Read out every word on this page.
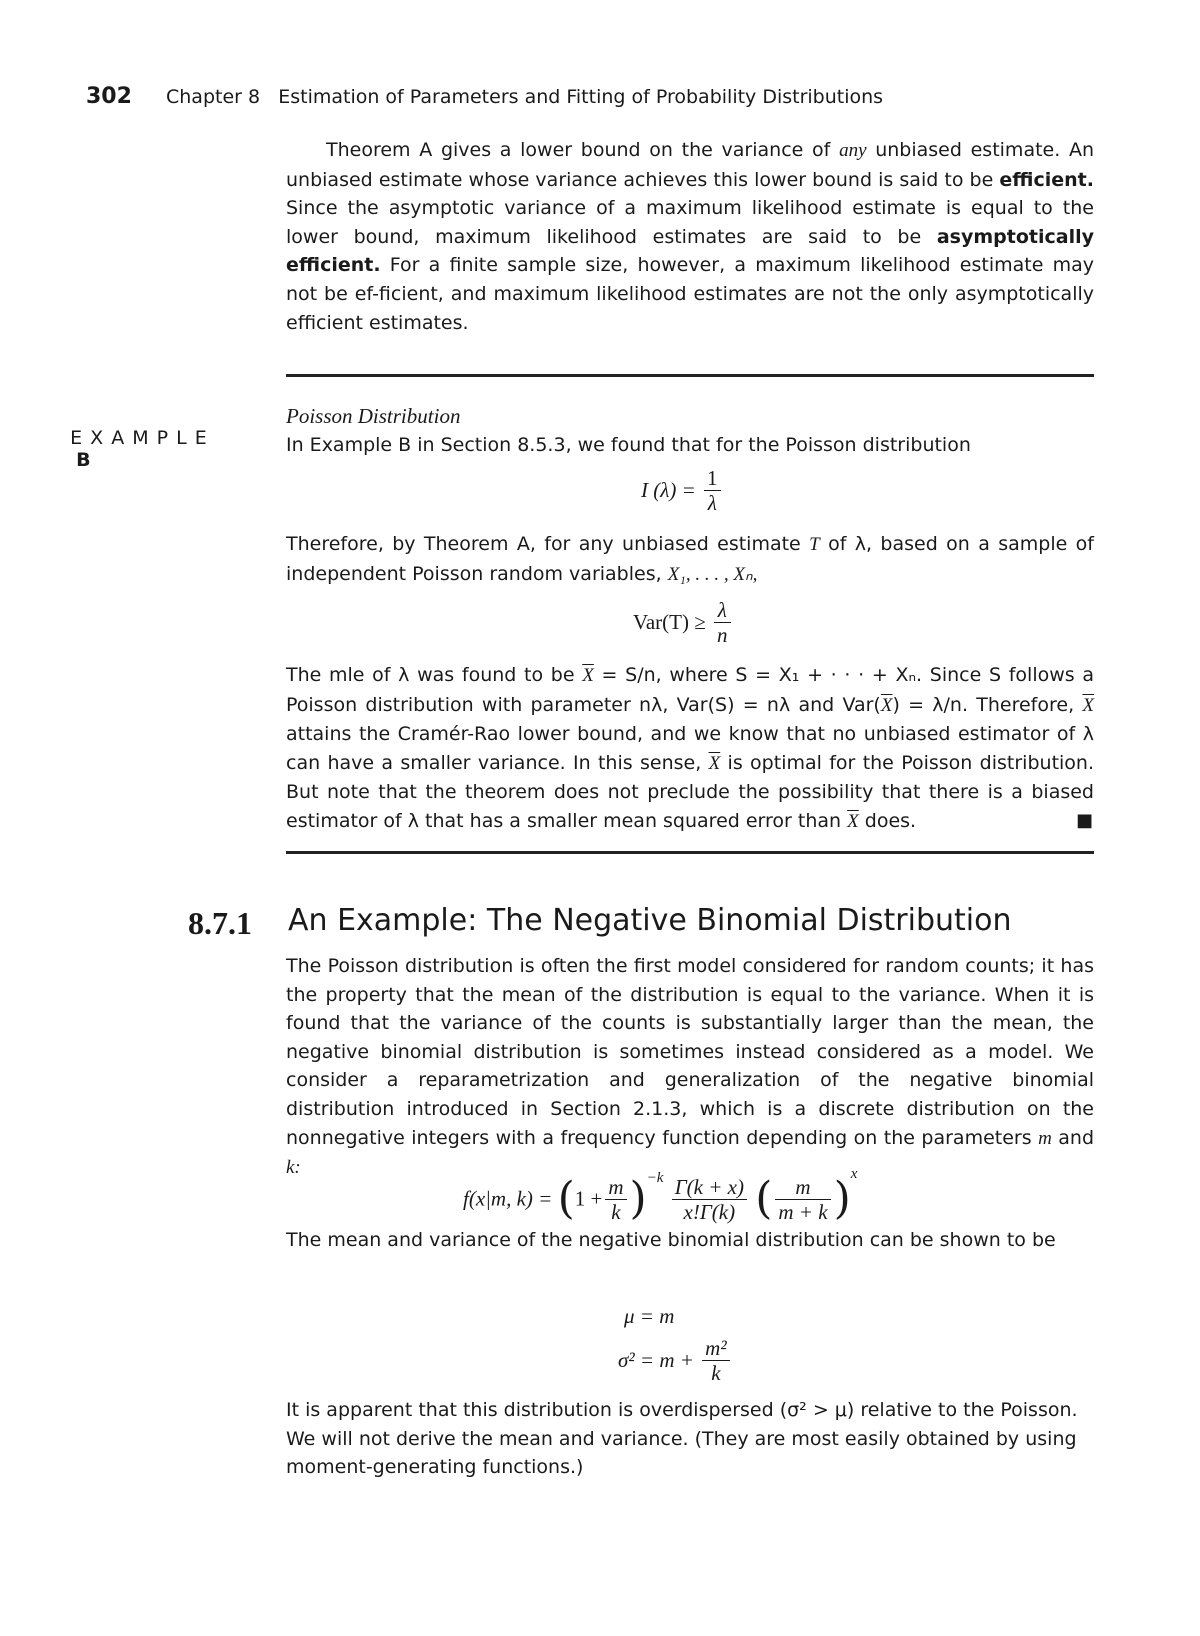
302 Chapter 8   Estimation of Parameters and Fitting of Probability Distributions
Theorem A gives a lower bound on the variance of any unbiased estimate. An unbiased estimate whose variance achieves this lower bound is said to be efficient. Since the asymptotic variance of a maximum likelihood estimate is equal to the lower bound, maximum likelihood estimates are said to be asymptotically efficient. For a finite sample size, however, a maximum likelihood estimate may not be ef-ficient, and maximum likelihood estimates are not the only asymptotically efficient estimates.

E X A M P L E
B

Poisson Distribution
In Example B in Section 8.5.3, we found that for the Poisson distribution
I $(\lambda) = \frac{1}{\lambda}$
Therefore, by Theorem A, for any unbiased estimate T of λ, based on a sample of independent Poisson random variables, X₁, . . . , Xₙ,
$Var(T) \ge \frac{\lambda}{n}$
The mle of λ was found to be $\overline{X} = S/n$, where S = X₁ + · · · + Xₙ. Since S follows a Poisson distribution with parameter nλ, Var(S) = nλ and $Var(\overline{X}) = \lambda/n$. Therefore, $\overline{X}$ attains the Cramér-Rao lower bound, and we know that no unbiased estimator of λ can have a smaller variance. In this sense, $\overline{X}$ is optimal for the Poisson distribution. But note that the theorem does not preclude the possibility that there is a biased estimator of λ that has a smaller mean squared error than $\overline{X}$ does.	■
8.7.1 An Example: The Negative Binomial Distribution
The Poisson distribution is often the first model considered for random counts; it has the property that the mean of the distribution is equal to the variance. When it is found that the variance of the counts is substantially larger than the mean, the negative binomial distribution is sometimes instead considered as a model. We consider a reparametrization and generalization of the negative binomial distribution introduced in Section 2.1.3, which is a discrete distribution on the nonnegative integers with a frequency function depending on the parameters m and k:
f(x|m, $k) = (1 + \frac{m}{k} )^{-k} \frac{\Gamma(k + x)}{x!\Gamma(k)}$ ( $\frac{m}{m + k} )^x$
The mean and variance of the negative binomial distribution can be shown to be
μ = m
$\sigma^2 = m + \frac{\text{m²}}{k}$
It is apparent that this distribution is overdispersed (σ² > μ) relative to the Poisson. We will not derive the mean and variance. (They are most easily obtained by using moment-generating functions.)
